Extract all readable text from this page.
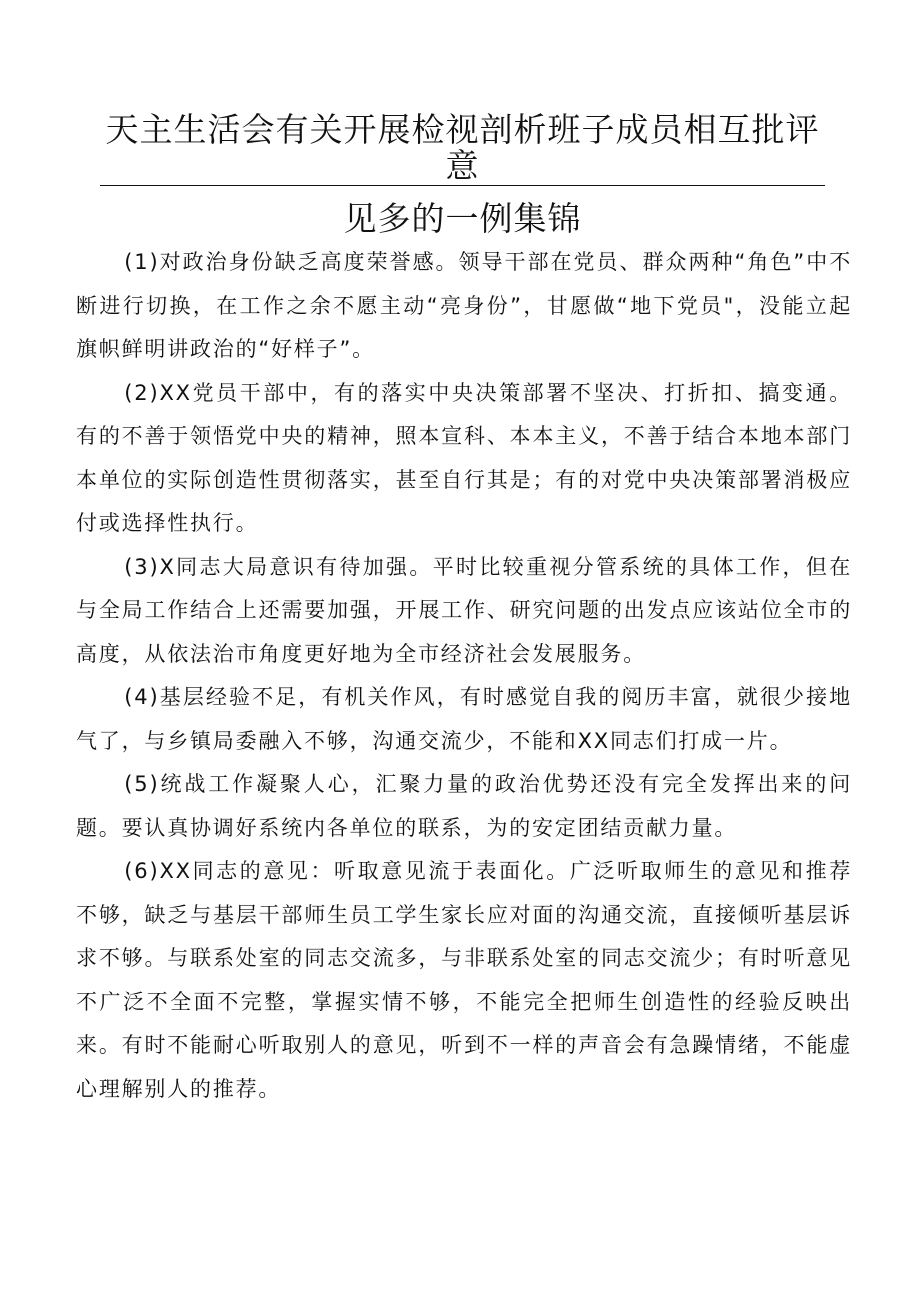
天主生活会有关开展检视剖析班子成员相互批评意
见多的一例集锦

(1)对政治身份缺乏高度荣誉感。领导干部在党员、群众两种“角色”中不断进行切换，在工作之余不愿主动“亮身份”，甘愿做“地下党员"，没能立起旗帜鲜明讲政治的“好样子”。

(2)XX党员干部中，有的落实中央决策部署不坚决、打折扣、搞变通。有的不善于领悟党中央的精神，照本宣科、本本主义，不善于结合本地本部门本单位的实际创造性贯彻落实，甚至自行其是；有的对党中央决策部署消极应付或选择性执行。

(3)X同志大局意识有待加强。平时比较重视分管系统的具体工作，但在与全局工作结合上还需要加强，开展工作、研究问题的出发点应该站位全市的高度，从依法治市角度更好地为全市经济社会发展服务。

(4)基层经验不足，有机关作风，有时感觉自我的阅历丰富，就很少接地气了，与乡镇局委融入不够，沟通交流少，不能和XX同志们打成一片。

(5)统战工作凝聚人心，汇聚力量的政治优势还没有完全发挥出来的问题。要认真协调好系统内各单位的联系，为的安定团结贡献力量。

(6)XX同志的意见：听取意见流于表面化。广泛听取师生的意见和推荐不够，缺乏与基层干部师生员工学生家长应对面的沟通交流，直接倾听基层诉求不够。与联系处室的同志交流多，与非联系处室的同志交流少；有时听意见不广泛不全面不完整，掌握实情不够，不能完全把师生创造性的经验反映出来。有时不能耐心听取别人的意见，听到不一样的声音会有急躁情绪，不能虚心理解别人的推荐。
